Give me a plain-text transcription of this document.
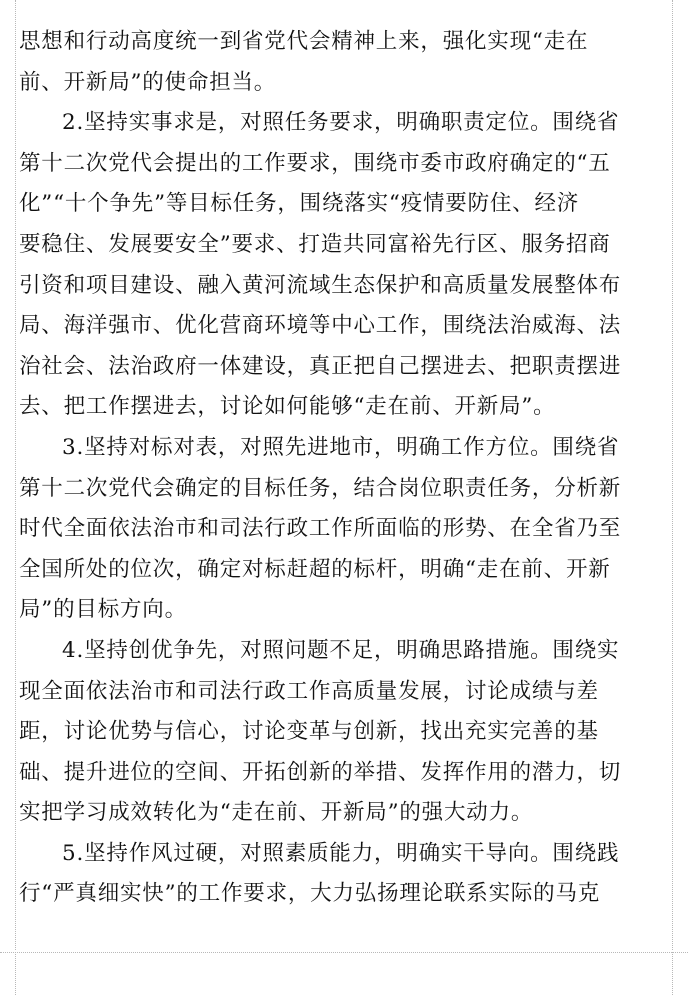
思想和行动高度统一到省党代会精神上来，强化实现“走在
前、开新局”的使命担当。
2.坚持实事求是，对照任务要求，明确职责定位。围绕省
第十二次党代会提出的工作要求，围绕市委市政府确定的“五
化”“十个争先”等目标任务，围绕落实“疫情要防住、经济
要稳住、发展要安全”要求、打造共同富裕先行区、服务招商
引资和项目建设、融入黄河流域生态保护和高质量发展整体布
局、海洋强市、优化营商环境等中心工作，围绕法治威海、法
治社会、法治政府一体建设，真正把自己摆进去、把职责摆进
去、把工作摆进去，讨论如何能够“走在前、开新局”。
3.坚持对标对表，对照先进地市，明确工作方位。围绕省
第十二次党代会确定的目标任务，结合岗位职责任务，分析新
时代全面依法治市和司法行政工作所面临的形势、在全省乃至
全国所处的位次，确定对标赶超的标杆，明确“走在前、开新
局”的目标方向。
4.坚持创优争先，对照问题不足，明确思路措施。围绕实
现全面依法治市和司法行政工作高质量发展，讨论成绩与差
距，讨论优势与信心，讨论变革与创新，找出充实完善的基
础、提升进位的空间、开拓创新的举措、发挥作用的潜力，切
实把学习成效转化为“走在前、开新局”的强大动力。
5.坚持作风过硬，对照素质能力，明确实干导向。围绕践
行“严真细实快”的工作要求，大力弘扬理论联系实际的马克
